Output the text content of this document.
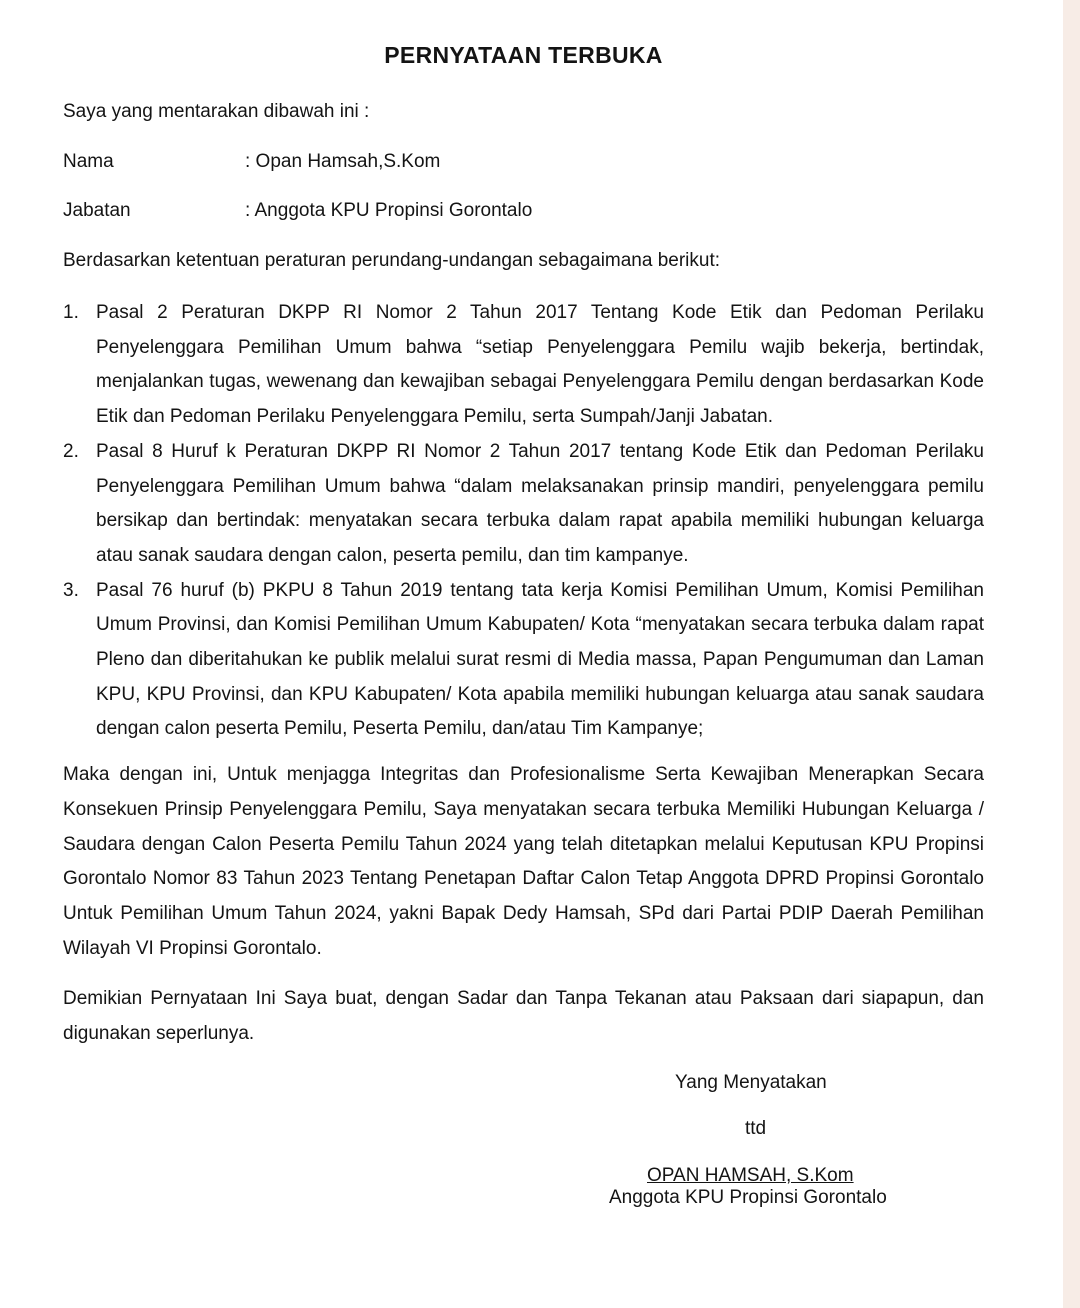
PERNYATAAN TERBUKA
Saya yang mentarakan dibawah ini :
Nama	: Opan Hamsah,S.Kom
Jabatan	: Anggota KPU Propinsi Gorontalo
Berdasarkan ketentuan peraturan perundang-undangan sebagaimana berikut:
1. Pasal 2 Peraturan DKPP RI Nomor 2 Tahun 2017 Tentang Kode Etik dan Pedoman Perilaku Penyelenggara Pemilihan Umum bahwa “setiap Penyelenggara Pemilu wajib bekerja, bertindak, menjalankan tugas, wewenang dan kewajiban sebagai Penyelenggara Pemilu dengan berdasarkan Kode Etik dan Pedoman Perilaku Penyelenggara Pemilu, serta Sumpah/Janji Jabatan.
2. Pasal 8 Huruf k Peraturan DKPP RI Nomor 2 Tahun 2017 tentang Kode Etik dan Pedoman Perilaku Penyelenggara Pemilihan Umum bahwa “dalam melaksanakan prinsip mandiri, penyelenggara pemilu bersikap dan bertindak: menyatakan secara terbuka dalam rapat apabila memiliki hubungan keluarga atau sanak saudara dengan calon, peserta pemilu, dan tim kampanye.
3. Pasal 76 huruf (b) PKPU 8 Tahun 2019 tentang tata kerja Komisi Pemilihan Umum, Komisi Pemilihan Umum Provinsi, dan Komisi Pemilihan Umum Kabupaten/ Kota “menyatakan secara terbuka dalam rapat Pleno dan diberitahukan ke publik melalui surat resmi di Media massa, Papan Pengumuman dan Laman KPU, KPU Provinsi, dan KPU Kabupaten/ Kota apabila memiliki hubungan keluarga atau sanak saudara dengan calon peserta Pemilu, Peserta Pemilu, dan/atau Tim Kampanye;

Maka dengan ini, Untuk menjagga Integritas dan Profesionalisme Serta Kewajiban Menerapkan Secara Konsekuen Prinsip Penyelenggara Pemilu, Saya menyatakan secara terbuka Memiliki Hubungan Keluarga / Saudara dengan Calon Peserta Pemilu Tahun 2024 yang telah ditetapkan melalui Keputusan KPU Propinsi Gorontalo Nomor 83 Tahun 2023 Tentang Penetapan Daftar Calon Tetap Anggota DPRD Propinsi Gorontalo Untuk Pemilihan Umum Tahun 2024, yakni Bapak Dedy Hamsah, SPd dari Partai PDIP Daerah Pemilihan Wilayah VI Propinsi Gorontalo.

Demikian Pernyataan Ini Saya buat, dengan Sadar dan Tanpa Tekanan atau Paksaan dari siapapun, dan digunakan seperlunya.

Yang Menyatakan
ttd
OPAN HAMSAH, S.Kom
Anggota KPU Propinsi Gorontalo
